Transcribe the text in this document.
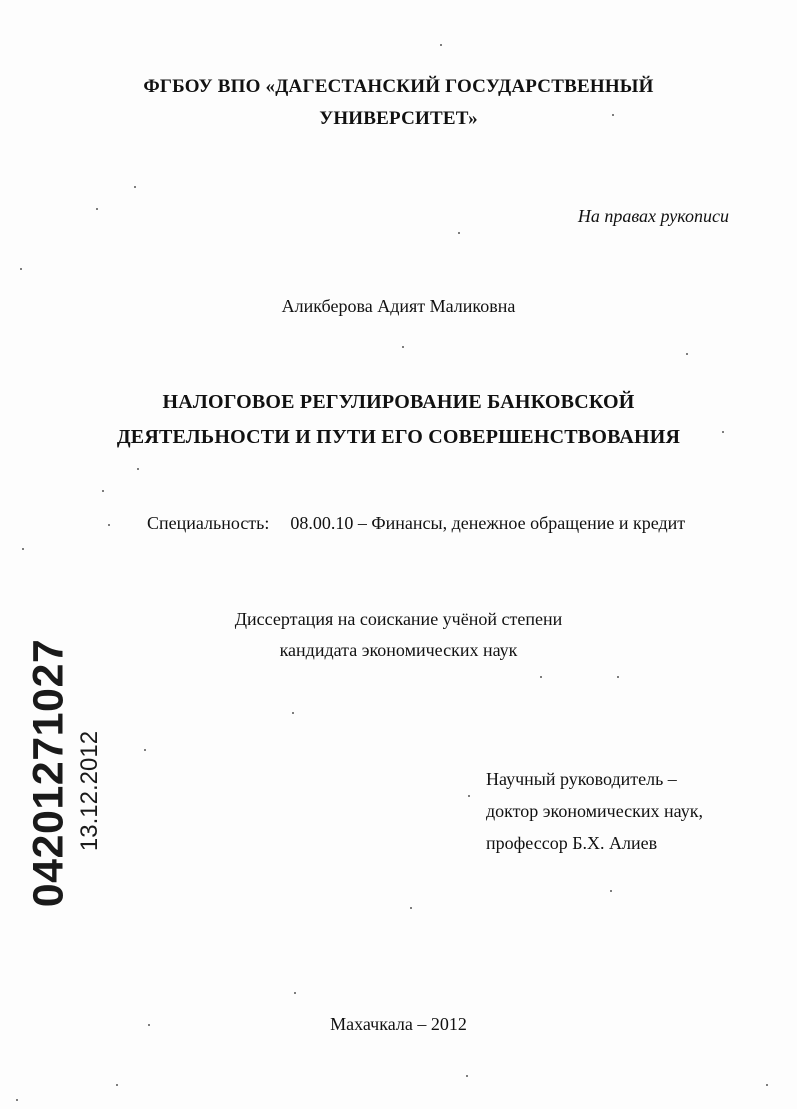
ФГБОУ ВПО «ДАГЕСТАНСКИЙ ГОСУДАРСТВЕННЫЙ
УНИВЕРСИТЕТ»
На правах рукописи
Аликберова Адият Маликовна
НАЛОГОВОЕ РЕГУЛИРОВАНИЕ БАНКОВСКОЙ
ДЕЯТЕЛЬНОСТИ И ПУТИ ЕГО СОВЕРШЕНСТВОВАНИЯ
Специальность: 08.00.10 – Финансы, денежное обращение и кредит
Диссертация на соискание учёной степени
кандидата экономических наук
Научный руководитель –
доктор экономических наук,
профессор Б.Х. Алиев
Махачкала – 2012
04201271027 13.12.2012
